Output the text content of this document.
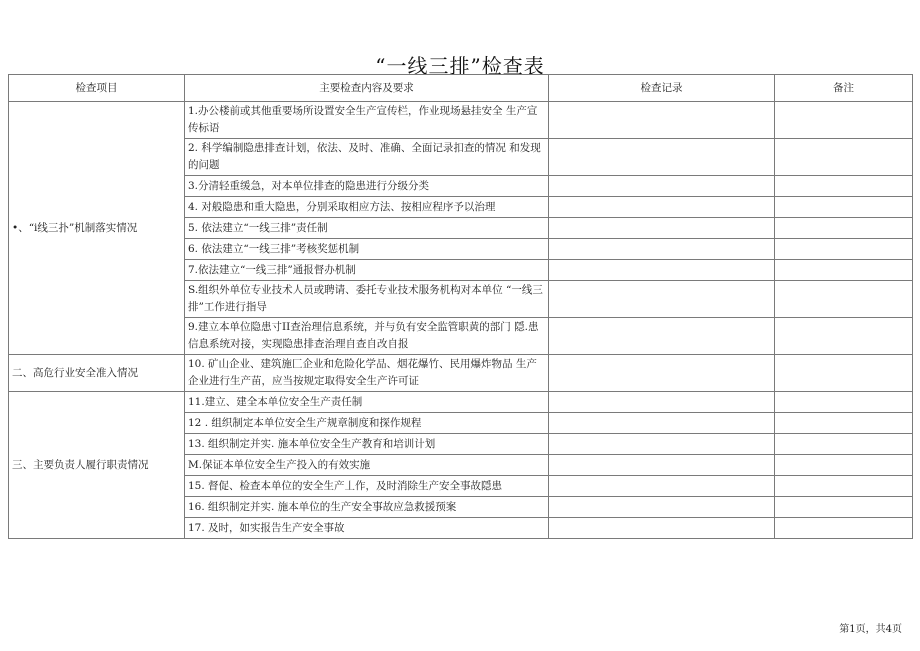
“一线三排”检查表
检查项目	主要检查内容及要求	检查记录	备注
•、“i线三扑”机制落实情况	1.办公楼前或其他重要场所设置安全生产宣传栏，作业现场悬挂安全 生产宣传标语		
	2. 科学编制隐患排查计划，依法、及时、准确、全面记录扣查的情况 和发现的问题		
	3.分清轻重缓急，对本单位排查的隐患进行分级分类		
	4. 对般隐患和重大隐患，分别采取相应方法、按相应程序予以治理		
	5. 依法建立“一线三排”责任制		
	6. 依法建立“一线三排”考核奖惩机制		
	7.依法建立“一线三排”通报督办机制		
	S.组织外单位专业技术人员或聘请、委托专业技术服务机构对本单位 “一线三排”工作进行指导		
	9.建立本单位隐患寸II查治理信息系统，并与负有安全监管职黄的部门 隠.患信息系统对接，实现隐患排查治理自查自改自报		
二、高危行业安全准入情况	10. 矿山企业、建筑施匚企业和危险化学品、烟花爆竹、民用爆炸物品 生产企业进行生产苗，应当按规定取得安全生产许可证		
三、主要负责人履行职责情况	11.建立、建全本单位安全生产责任制		
	12 . 组织制定本单位安全生产规章制度和探作规程		
	13. 组织制定并实. 施本单位安全生产教育和培训计划		
	M.保证本单位安全生产投入的有效实施		
	15. 督促、检查本单位的安全生产丄作，及时消除生产安全事故隠患		
	16. 组织制定并实. 施本单位的生产安全事故应急救援预案		
	17. 及时，如实报告生产安全事故		
第1页，共4页
